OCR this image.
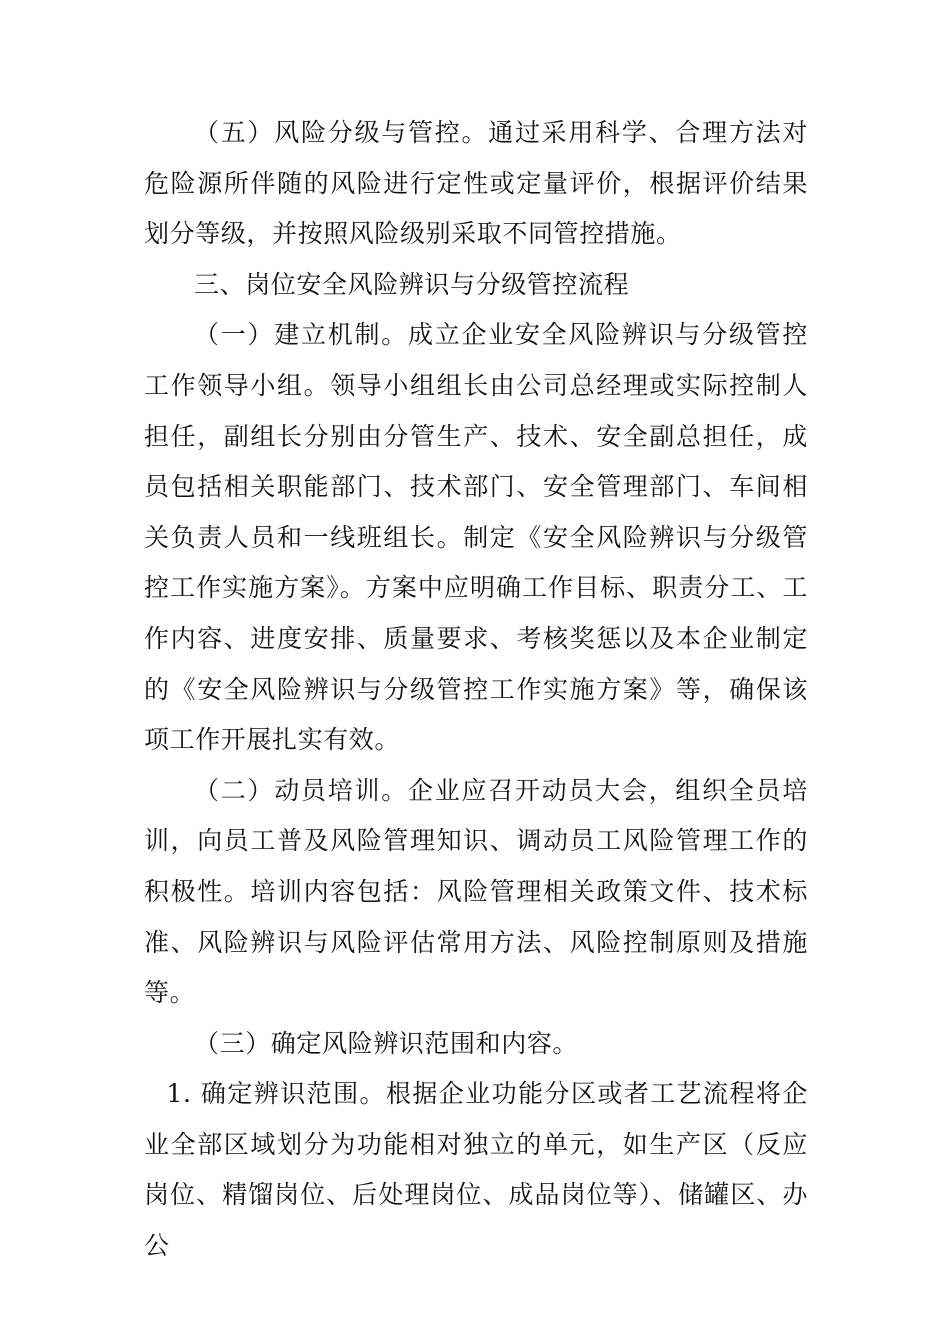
（五）风险分级与管控。通过采用科学、合理方法对危险源所伴随的风险进行定性或定量评价，根据评价结果划分等级，并按照风险级别采取不同管控措施。

三、岗位安全风险辨识与分级管控流程

（一）建立机制。成立企业安全风险辨识与分级管控工作领导小组。领导小组组长由公司总经理或实际控制人担任，副组长分别由分管生产、技术、安全副总担任，成员包括相关职能部门、技术部门、安全管理部门、车间相关负责人员和一线班组长。制定《安全风险辨识与分级管控工作实施方案》。方案中应明确工作目标、职责分工、工作内容、进度安排、质量要求、考核奖惩以及本企业制定的《安全风险辨识与分级管控工作实施方案》等，确保该项工作开展扎实有效。

（二）动员培训。企业应召开动员大会，组织全员培训，向员工普及风险管理知识、调动员工风险管理工作的积极性。培训内容包括：风险管理相关政策文件、技术标准、风险辨识与风险评估常用方法、风险控制原则及措施等。

（三）确定风险辨识范围和内容。

1. 确定辨识范围。根据企业功能分区或者工艺流程将企业全部区域划分为功能相对独立的单元，如生产区（反应岗位、精馏岗位、后处理岗位、成品岗位等）、储罐区、办公
